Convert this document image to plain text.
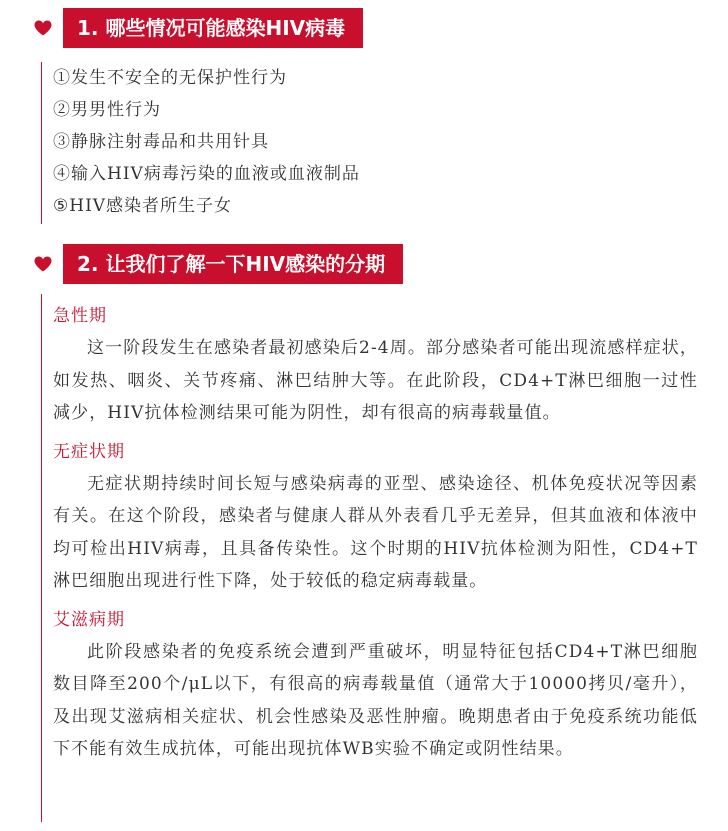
1. 哪些情况可能感染HIV病毒
①发生不安全的无保护性行为
②男男性行为
③静脉注射毒品和共用针具
④输入HIV病毒污染的血液或血液制品
⑤HIV感染者所生子女
2. 让我们了解一下HIV感染的分期
急性期
这一阶段发生在感染者最初感染后2-4周。部分感染者可能出现流感样症状，如发热、咽炎、关节疼痛、淋巴结肿大等。在此阶段，CD4+T淋巴细胞一过性减少，HIV抗体检测结果可能为阴性，却有很高的病毒载量值。
无症状期
无症状期持续时间长短与感染病毒的亚型、感染途径、机体免疫状况等因素有关。在这个阶段，感染者与健康人群从外表看几乎无差异，但其血液和体液中均可检出HIV病毒，且具备传染性。这个时期的HIV抗体检测为阳性，CD4+T淋巴细胞出现进行性下降，处于较低的稳定病毒载量。
艾滋病期
此阶段感染者的免疫系统会遭到严重破坏，明显特征包括CD4+T淋巴细胞数目降至200个/μL以下，有很高的病毒载量值（通常大于10000拷贝/毫升），及出现艾滋病相关症状、机会性感染及恶性肿瘤。晚期患者由于免疫系统功能低下不能有效生成抗体，可能出现抗体WB实验不确定或阴性结果。
